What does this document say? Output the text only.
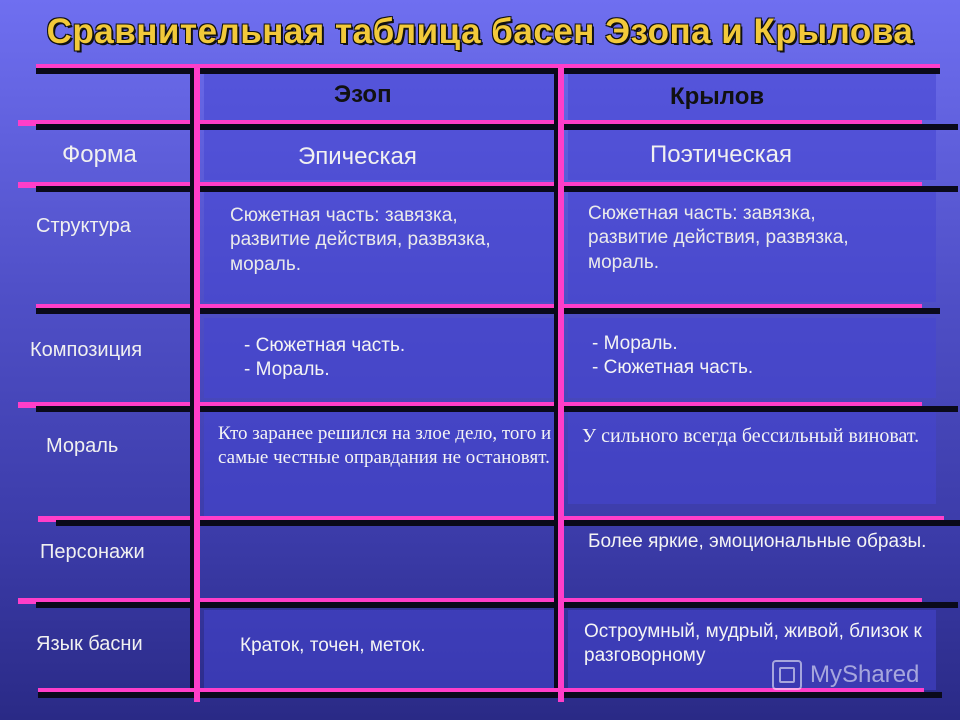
Сравнительная таблица басен Эзопа и Крылова
Эзоп	Крылов
Форма
Структура
Композиция
Мораль
Персонажи
Язык басни
Эпическая	Поэтическая
Сюжетная часть: завязка, развитие действия, развязка, мораль.
Сюжетная часть: завязка, развитие действия, развязка, мораль.
- Сюжетная часть.
- Мораль.
- Мораль.
- Сюжетная часть.
Кто заранее решился на злое дело, того и самые честные оправдания не остановят.
У сильного всегда бессильный виноват.
Более яркие, эмоциональные образы.
Краток, точен, меток.
Остроумный, мудрый, живой, близок к разговорному
MyShared
